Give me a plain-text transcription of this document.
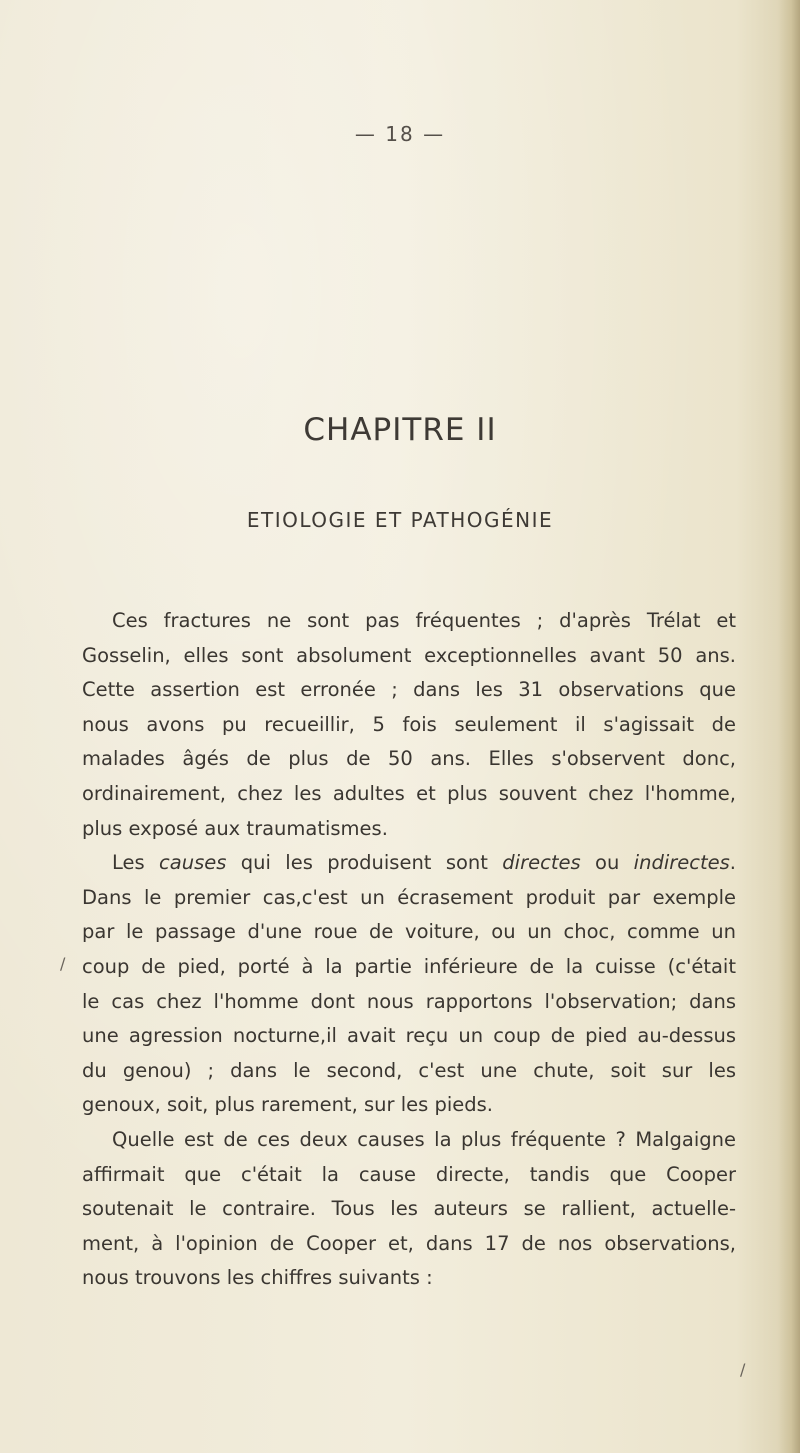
— 18 —
CHAPITRE II
ETIOLOGIE ET PATHOGÉNIE
Ces fractures ne sont pas fréquentes ; d'après Trélat et
Gosselin, elles sont absolument exceptionnelles avant 50 ans.
Cette assertion est erronée ; dans les 31 observations que
nous avons pu recueillir, 5 fois seulement il s'agissait de
malades âgés de plus de 50 ans. Elles s'observent donc,
ordinairement, chez les adultes et plus souvent chez l'homme,
plus exposé aux traumatismes.
Les causes qui les produisent sont directes ou indirectes.
Dans le premier cas,c'est un écrasement produit par exemple
par le passage d'une roue de voiture, ou un choc, comme un
coup de pied, porté à la partie inférieure de la cuisse (c'était
le cas chez l'homme dont nous rapportons l'observation; dans
une agression nocturne,il avait reçu un coup de pied au-dessus
du genou) ; dans le second, c'est une chute, soit sur les
genoux, soit, plus rarement, sur les pieds.
Quelle est de ces deux causes la plus fréquente ? Malgaigne
affirmait que c'était la cause directe, tandis que Cooper
soutenait le contraire. Tous les auteurs se rallient, actuelle-
ment, à l'opinion de Cooper et, dans 17 de nos observations,
nous trouvons les chiffres suivants :
/
/
